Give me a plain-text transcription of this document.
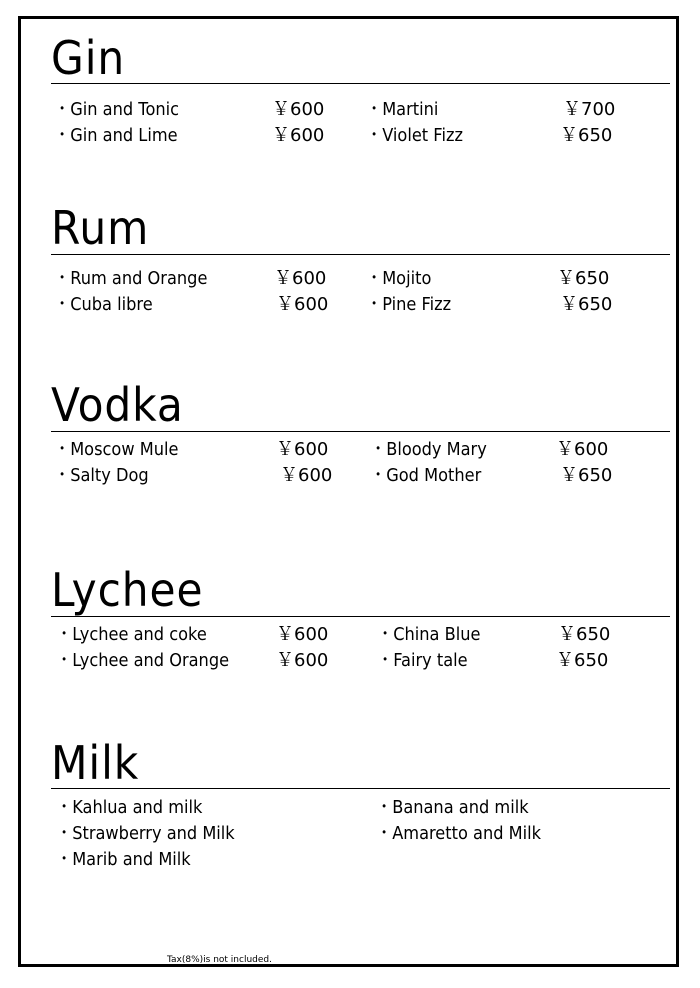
Gin
・Gin and Tonic	￥600
・Gin and Lime	￥600
・Martini	￥700
・Violet Fizz	￥650
Rum
・Rum and Orange	￥600
・Cuba libre	￥600
・Mojito	￥650
・Pine Fizz	￥650
Vodka
・Moscow Mule	￥600
・Salty Dog	￥600
・Bloody Mary	￥600
・God Mother	￥650
Lychee
・Lychee and coke	￥600
・Lychee and Orange	￥600
・China Blue	￥650
・Fairy tale	￥650
Milk
・Kahlua and milk
・Strawberry and Milk
・Marib and Milk
・Banana and milk
・Amaretto and Milk
Tax(8%)is not included.
